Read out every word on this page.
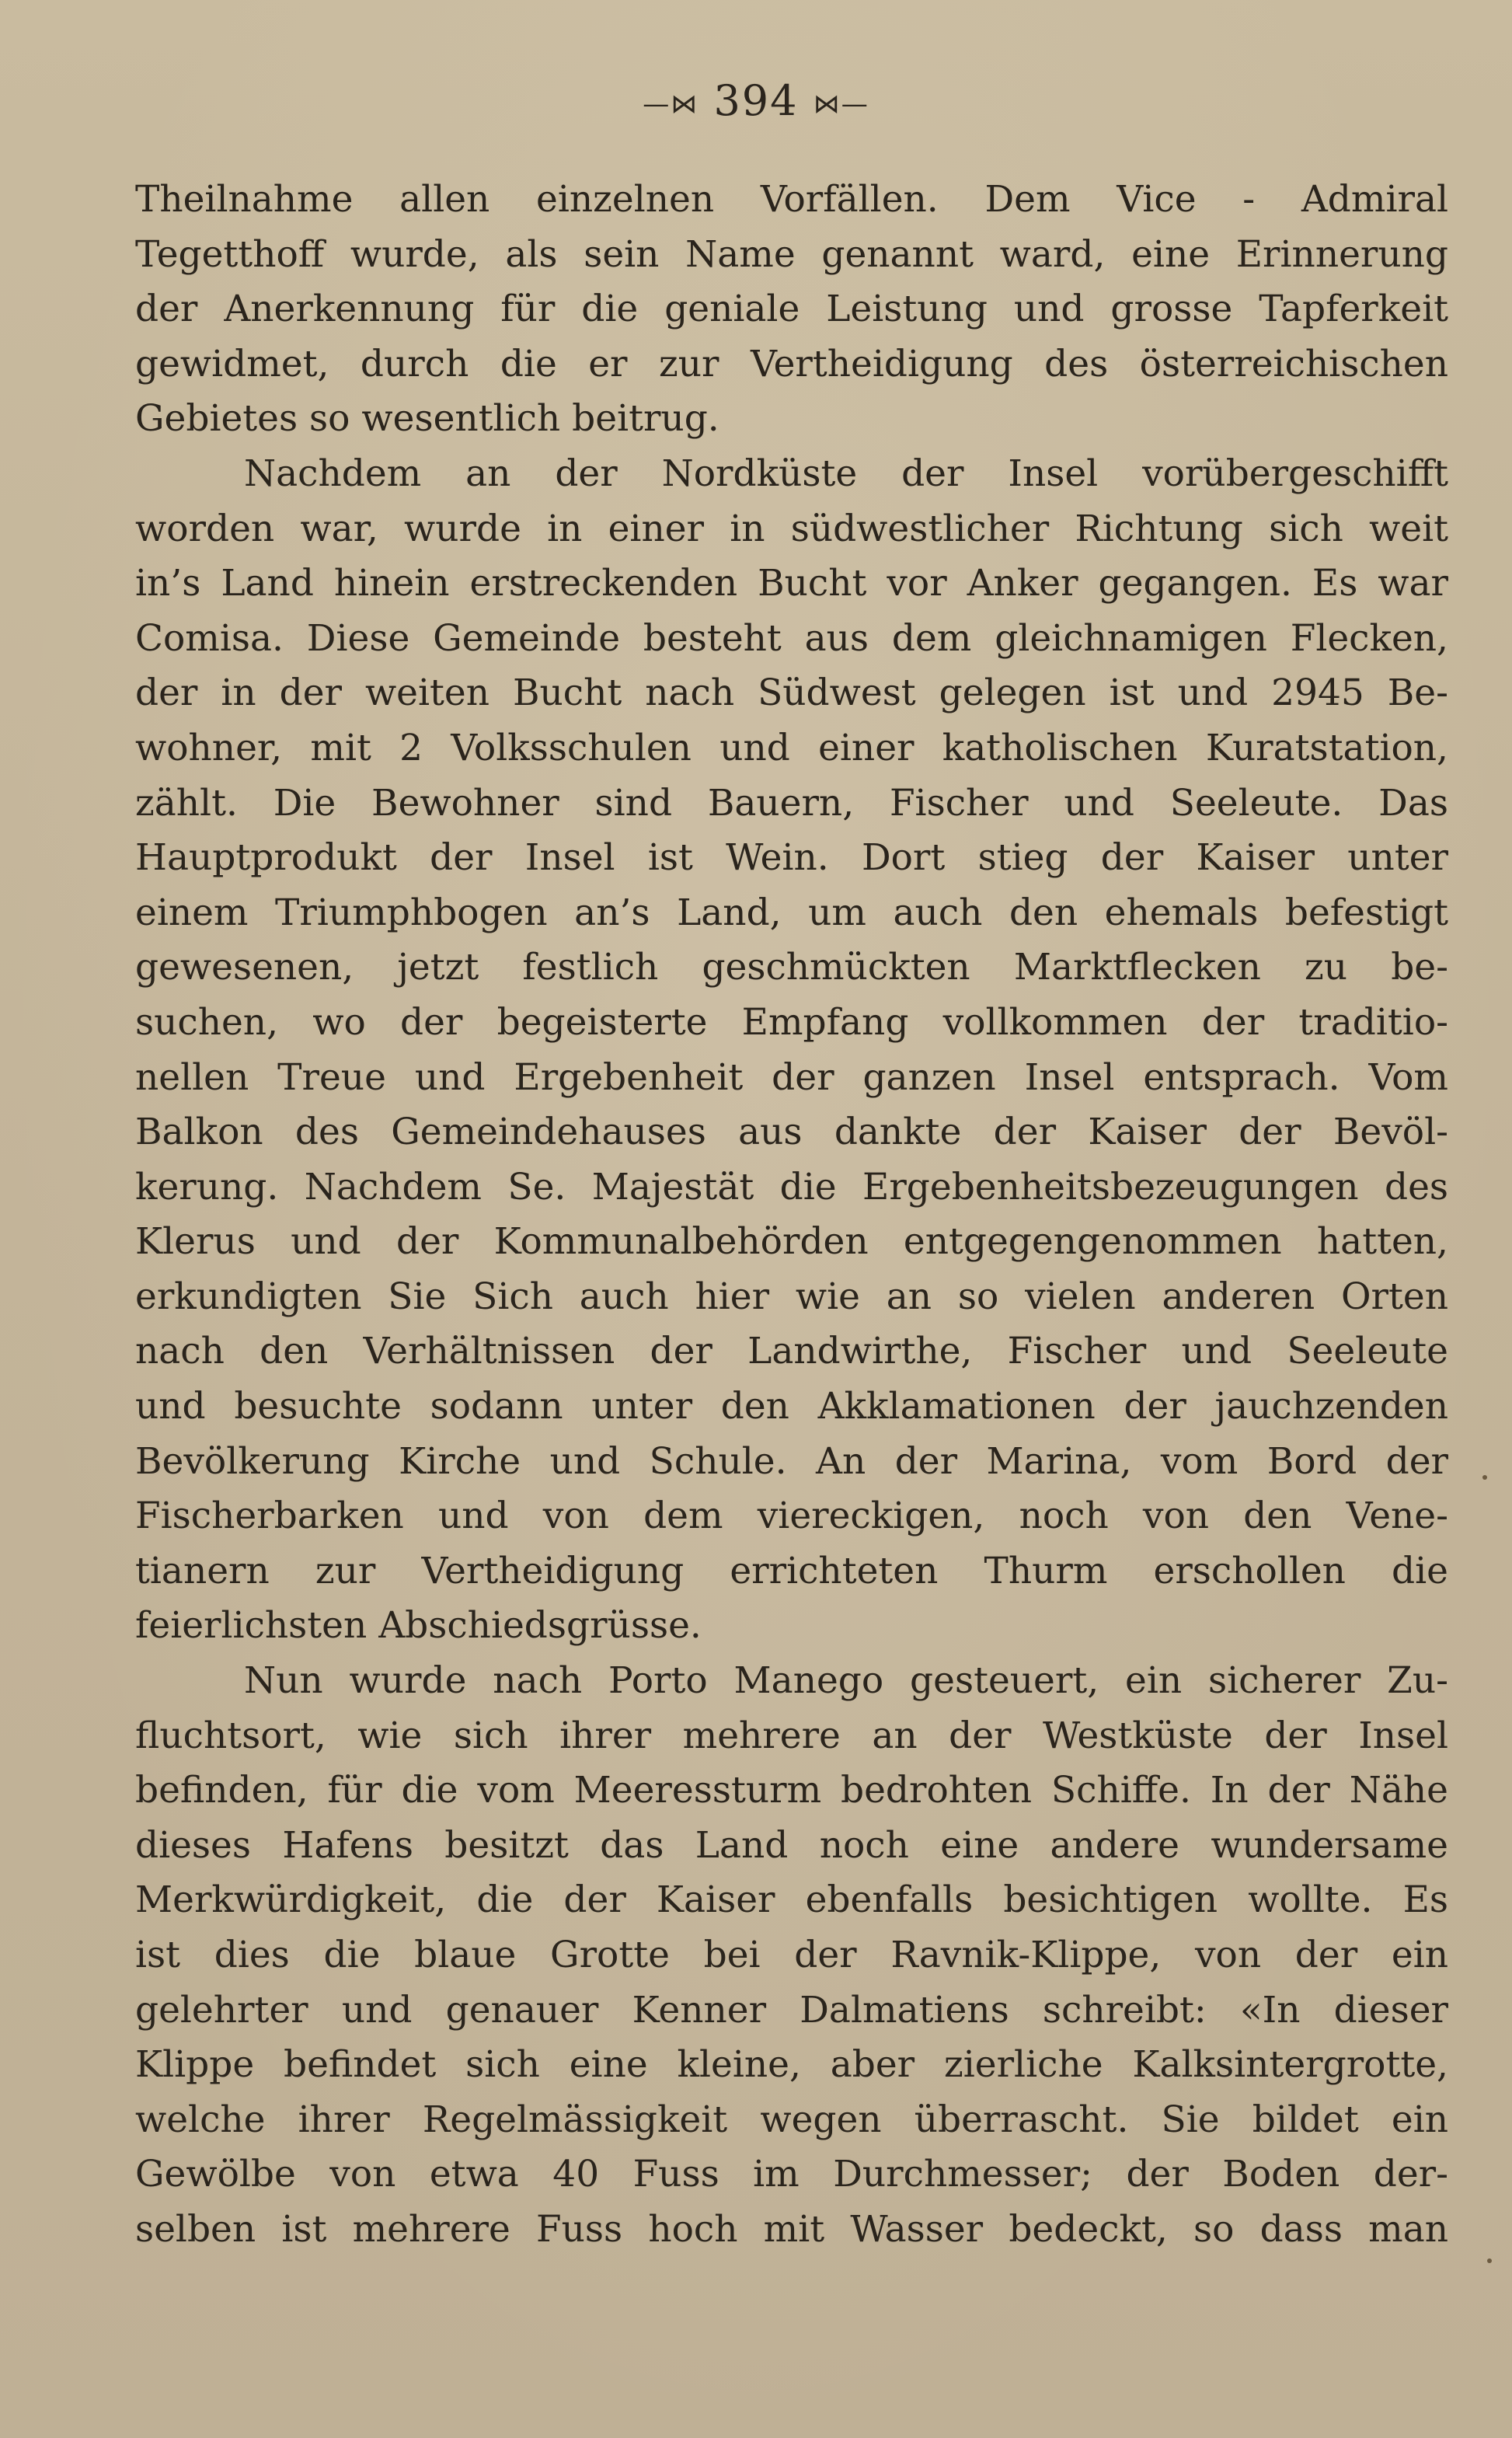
—⋈ 394 ⋈—
Theilnahme allen einzelnen Vorfällen. Dem Vice - Admiral
Tegetthoff wurde, als sein Name genannt ward, eine Erinnerung
der Anerkennung für die geniale Leistung und grosse Tapferkeit
gewidmet, durch die er zur Vertheidigung des österreichischen
Gebietes so wesentlich beitrug.
Nachdem an der Nordküste der Insel vorübergeschifft
worden war, wurde in einer in südwestlicher Richtung sich weit
in’s Land hinein erstreckenden Bucht vor Anker gegangen. Es war
Comisa. Diese Gemeinde besteht aus dem gleichnamigen Flecken,
der in der weiten Bucht nach Südwest gelegen ist und 2945 Be-
wohner, mit 2 Volksschulen und einer katholischen Kuratstation,
zählt. Die Bewohner sind Bauern, Fischer und Seeleute. Das
Hauptprodukt der Insel ist Wein. Dort stieg der Kaiser unter
einem Triumphbogen an’s Land, um auch den ehemals befestigt
gewesenen, jetzt festlich geschmückten Marktflecken zu be-
suchen, wo der begeisterte Empfang vollkommen der traditio-
nellen Treue und Ergebenheit der ganzen Insel entsprach. Vom
Balkon des Gemeindehauses aus dankte der Kaiser der Bevöl-
kerung. Nachdem Se. Majestät die Ergebenheitsbezeugungen des
Klerus und der Kommunalbehörden entgegengenommen hatten,
erkundigten Sie Sich auch hier wie an so vielen anderen Orten
nach den Verhältnissen der Landwirthe, Fischer und Seeleute
und besuchte sodann unter den Akklamationen der jauchzenden
Bevölkerung Kirche und Schule. An der Marina, vom Bord der
Fischerbarken und von dem viereckigen, noch von den Vene-
tianern zur Vertheidigung errichteten Thurm erschollen die
feierlichsten Abschiedsgrüsse.
Nun wurde nach Porto Manego gesteuert, ein sicherer Zu-
fluchtsort, wie sich ihrer mehrere an der Westküste der Insel
befinden, für die vom Meeressturm bedrohten Schiffe. In der Nähe
dieses Hafens besitzt das Land noch eine andere wundersame
Merkwürdigkeit, die der Kaiser ebenfalls besichtigen wollte. Es
ist dies die blaue Grotte bei der Ravnik-Klippe, von der ein
gelehrter und genauer Kenner Dalmatiens schreibt: «In dieser
Klippe befindet sich eine kleine, aber zierliche Kalksintergrotte,
welche ihrer Regelmässigkeit wegen überrascht. Sie bildet ein
Gewölbe von etwa 40 Fuss im Durchmesser; der Boden der-
selben ist mehrere Fuss hoch mit Wasser bedeckt, so dass man
